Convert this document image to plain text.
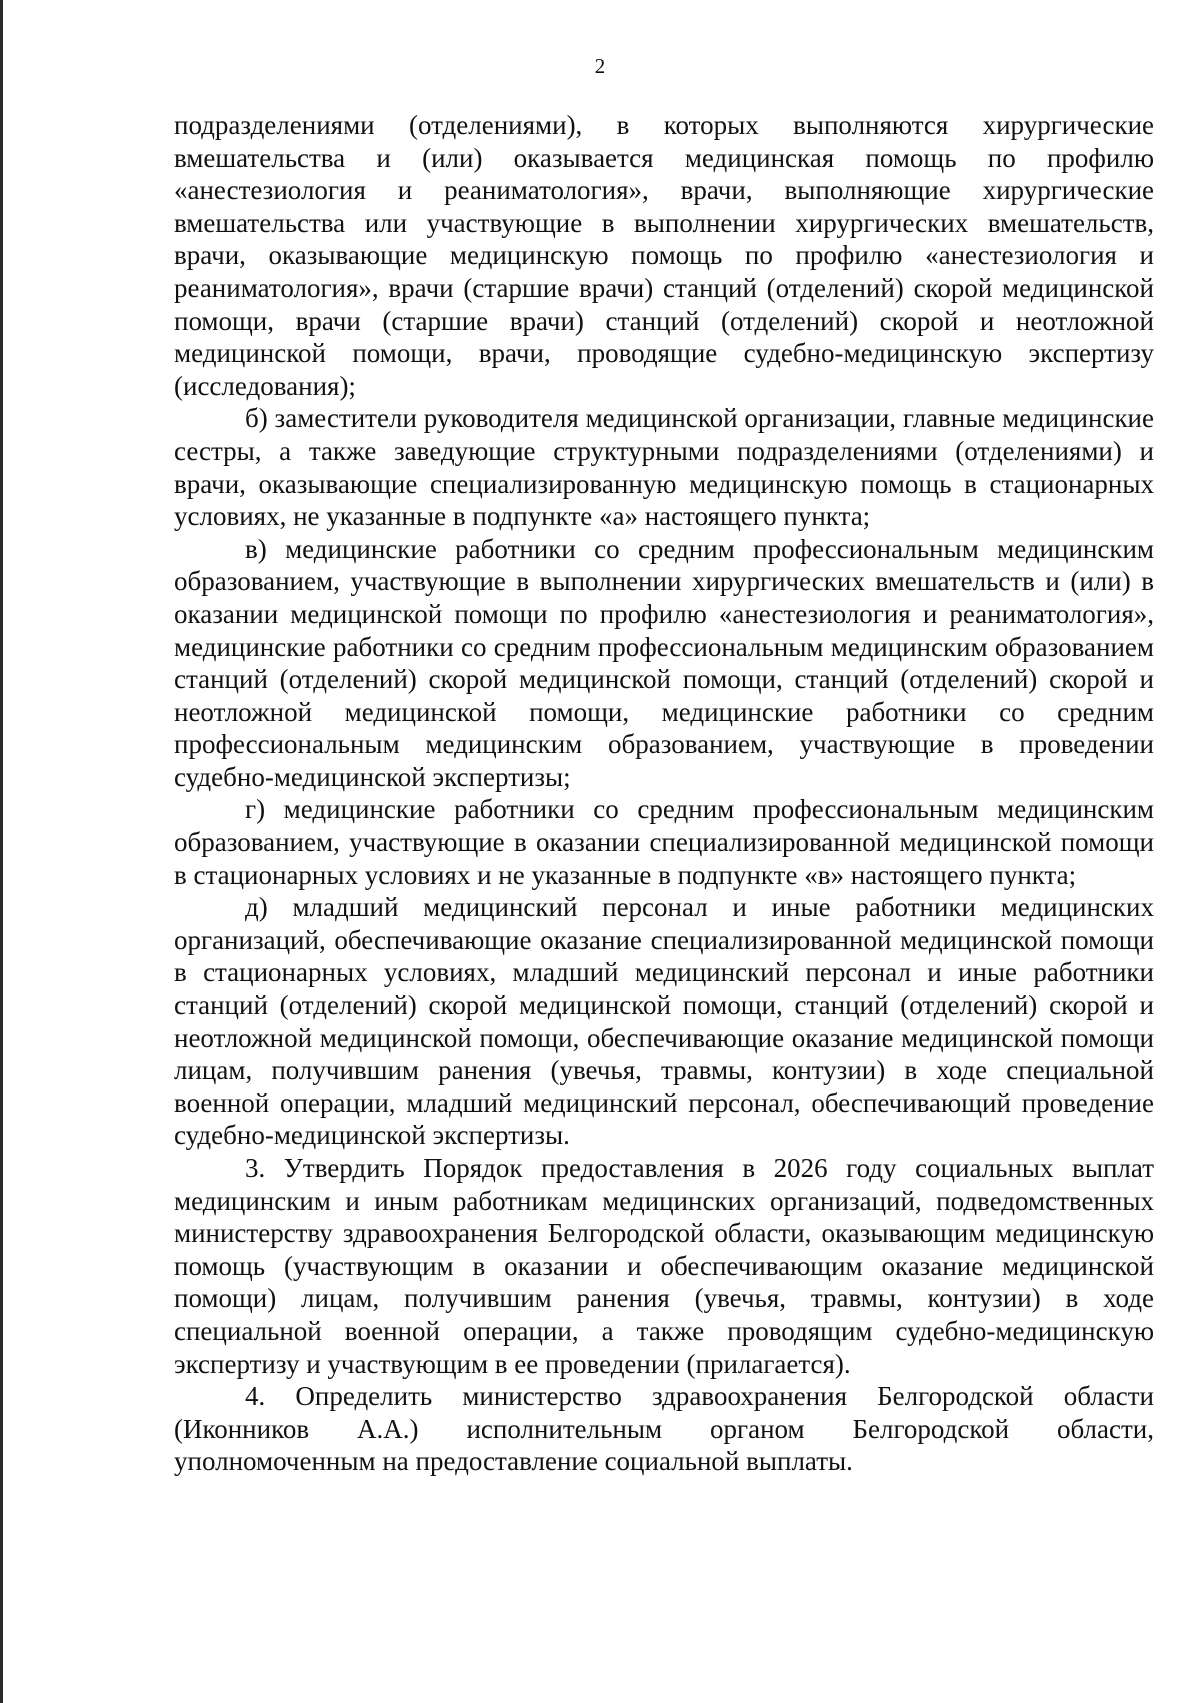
2

подразделениями (отделениями), в которых выполняются хирургические вмешательства и (или) оказывается медицинская помощь по профилю «анестезиология и реаниматология», врачи, выполняющие хирургические вмешательства или участвующие в выполнении хирургических вмешательств, врачи, оказывающие медицинскую помощь по профилю «анестезиология и реаниматология», врачи (старшие врачи) станций (отделений) скорой медицинской помощи, врачи (старшие врачи) станций (отделений) скорой и неотложной медицинской помощи, врачи, проводящие судебно-медицинскую экспертизу (исследования);

б) заместители руководителя медицинской организации, главные медицинские сестры, а также заведующие структурными подразделениями (отделениями) и врачи, оказывающие специализированную медицинскую помощь в стационарных условиях, не указанные в подпункте «а» настоящего пункта;

в) медицинские работники со средним профессиональным медицинским образованием, участвующие в выполнении хирургических вмешательств и (или) в оказании медицинской помощи по профилю «анестезиология и реаниматология», медицинские работники со средним профессиональным медицинским образованием станций (отделений) скорой медицинской помощи, станций (отделений) скорой и неотложной медицинской помощи, медицинские работники со средним профессиональным медицинским образованием, участвующие в проведении судебно-медицинской экспертизы;

г) медицинские работники со средним профессиональным медицинским образованием, участвующие в оказании специализированной медицинской помощи в стационарных условиях и не указанные в подпункте «в» настоящего пункта;

д) младший медицинский персонал и иные работники медицинских организаций, обеспечивающие оказание специализированной медицинской помощи в стационарных условиях, младший медицинский персонал и иные работники станций (отделений) скорой медицинской помощи, станций (отделений) скорой и неотложной медицинской помощи, обеспечивающие оказание медицинской помощи лицам, получившим ранения (увечья, травмы, контузии) в ходе специальной военной операции, младший медицинский персонал, обеспечивающий проведение судебно-медицинской экспертизы.

3. Утвердить Порядок предоставления в 2026 году социальных выплат медицинским и иным работникам медицинских организаций, подведомственных министерству здравоохранения Белгородской области, оказывающим медицинскую помощь (участвующим в оказании и обеспечивающим оказание медицинской помощи) лицам, получившим ранения (увечья, травмы, контузии) в ходе специальной военной операции, а также проводящим судебно-медицинскую экспертизу и участвующим в ее проведении (прилагается).

4. Определить министерство здравоохранения Белгородской области (Иконников А.А.) исполнительным органом Белгородской области, уполномоченным на предоставление социальной выплаты.
